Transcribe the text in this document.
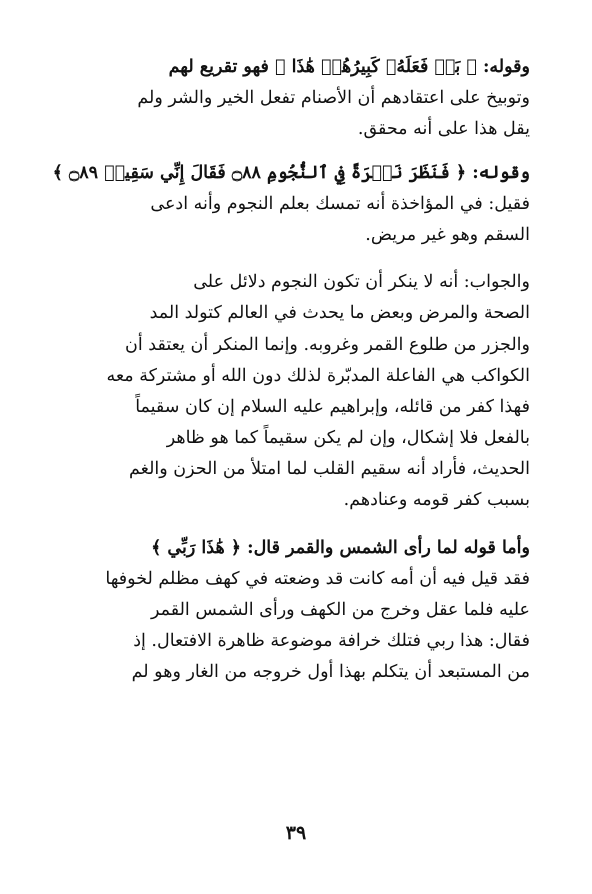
وقوله: ﴿ بَلۡ فَعَلَهُۥ كَبِيرُهُمۡ هَٰذَا ﴾ فهو تقريع لهم
وتوبيخ على اعتقادهم أن الأصنام تفعل الخير والشر ولم
يقل هذا على أنه محقق.
وقوله: ﴿ فَنَظَرَ نَظۡرَةً فِي ٱلنُّجُومِ ۝٨٨ فَقَالَ إِنِّي سَقِيمٞ ۝٨٩ ﴾
فقيل: في المؤاخذة أنه تمسك بعلم النجوم وأنه ادعى
السقم وهو غير مريض.
والجواب: أنه لا ينكر أن تكون النجوم دلائل على
الصحة والمرض وبعض ما يحدث في العالم كتولد المد
والجزر من طلوع القمر وغروبه. وإنما المنكر أن يعتقد أن
الكواكب هي الفاعلة المدبّرة لذلك دون الله أو مشتركة معه
فهذا كفر من قائله، وإبراهيم عليه السلام إن كان سقيماً
بالفعل فلا إشكال، وإن لم يكن سقيماً كما هو ظاهر
الحديث، فأراد أنه سقيم القلب لما امتلأ من الحزن والغم
بسبب كفر قومه وعنادهم.
وأما قوله لما رأى الشمس والقمر قال: ﴿ هَٰذَا رَبِّي ﴾
فقد قيل فيه أن أمه كانت قد وضعته في كهف مظلم لخوفها
عليه فلما عقل وخرج من الكهف ورأى الشمس القمر
فقال: هذا ربي فتلك خرافة موضوعة ظاهرة الافتعال. إذ
من المستبعد أن يتكلم بهذا أول خروجه من الغار وهو لم
٣٩
